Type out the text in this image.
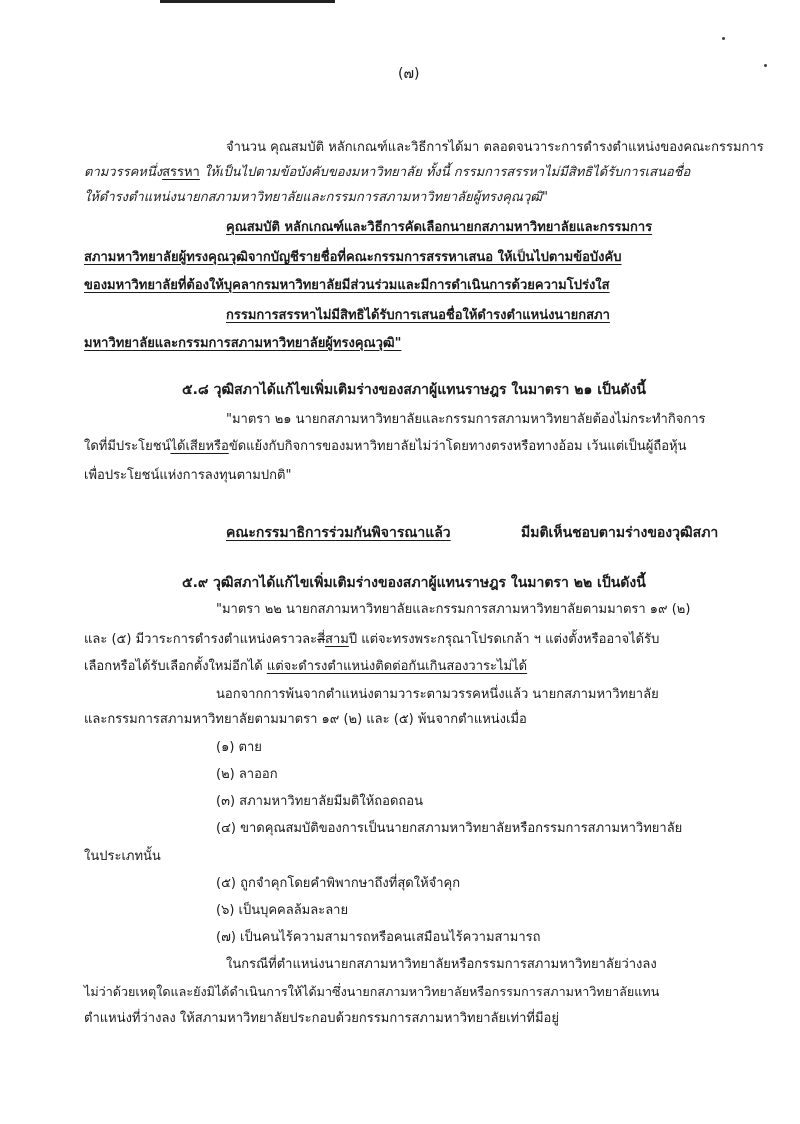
(๗)
จำนวน คุณสมบัติ หลักเกณฑ์และวิธีการได้มา ตลอดจนวาระการดำรงตำแหน่งของคณะกรรมการ
ตามวรรคหนึ่งสรรหา ให้เป็นไปตามข้อบังคับของมหาวิทยาลัย ทั้งนี้ กรรมการสรรหาไม่มีสิทธิได้รับการเสนอชื่อ
ให้ดำรงตำแหน่งนายกสภามหาวิทยาลัยและกรรมการสภามหาวิทยาลัยผู้ทรงคุณวุฒิ"
คุณสมบัติ หลักเกณฑ์และวิธีการคัดเลือกนายกสภามหาวิทยาลัยและกรรมการ
สภามหาวิทยาลัยผู้ทรงคุณวุฒิจากบัญชีรายชื่อที่คณะกรรมการสรรหาเสนอ ให้เป็นไปตามข้อบังคับ
ของมหาวิทยาลัยที่ต้องให้บุคลากรมหาวิทยาลัยมีส่วนร่วมและมีการดำเนินการด้วยความโปร่งใส
กรรมการสรรหาไม่มีสิทธิได้รับการเสนอชื่อให้ดำรงตำแหน่งนายกสภา
มหาวิทยาลัยและกรรมการสภามหาวิทยาลัยผู้ทรงคุณวุฒิ"
๕.๘ วุฒิสภาได้แก้ไขเพิ่มเติมร่างของสภาผู้แทนราษฎร ในมาตรา ๒๑ เป็นดังนี้
"มาตรา ๒๑ นายกสภามหาวิทยาลัยและกรรมการสภามหาวิทยาลัยต้องไม่กระทำกิจการ
ใดที่มีประโยชน์ได้เสียหรือขัดแย้งกับกิจการของมหาวิทยาลัยไม่ว่าโดยทางตรงหรือทางอ้อม เว้นแต่เป็นผู้ถือหุ้น
เพื่อประโยชน์แห่งการลงทุนตามปกติ"
คณะกรรมาธิการร่วมกันพิจารณาแล้ว	มีมติเห็นชอบตามร่างของวุฒิสภา
๕.๙ วุฒิสภาได้แก้ไขเพิ่มเติมร่างของสภาผู้แทนราษฎร ในมาตรา ๒๒ เป็นดังนี้
"มาตรา ๒๒ นายกสภามหาวิทยาลัยและกรรมการสภามหาวิทยาลัยตามมาตรา ๑๙ (๒)
และ (๕) มีวาระการดำรงตำแหน่งคราวละสี่สามปี แต่จะทรงพระกรุณาโปรดเกล้า ฯ แต่งตั้งหรืออาจได้รับ
เลือกหรือได้รับเลือกตั้งใหม่อีกได้ แต่จะดำรงตำแหน่งติดต่อกันเกินสองวาระไม่ได้
นอกจากการพ้นจากตำแหน่งตามวาระตามวรรคหนึ่งแล้ว นายกสภามหาวิทยาลัย
และกรรมการสภามหาวิทยาลัยตามมาตรา ๑๙ (๒) และ (๕) พ้นจากตำแหน่งเมื่อ
(๑) ตาย
(๒) ลาออก
(๓) สภามหาวิทยาลัยมีมติให้ถอดถอน
(๔) ขาดคุณสมบัติของการเป็นนายกสภามหาวิทยาลัยหรือกรรมการสภามหาวิทยาลัย
ในประเภทนั้น
(๕) ถูกจำคุกโดยคำพิพากษาถึงที่สุดให้จำคุก
(๖) เป็นบุคคลล้มละลาย
(๗) เป็นคนไร้ความสามารถหรือคนเสมือนไร้ความสามารถ
ในกรณีที่ตำแหน่งนายกสภามหาวิทยาลัยหรือกรรมการสภามหาวิทยาลัยว่างลง
ไม่ว่าด้วยเหตุใดและยังมิได้ดำเนินการให้ได้มาซึ่งนายกสภามหาวิทยาลัยหรือกรรมการสภามหาวิทยาลัยแทน
ตำแหน่งที่ว่างลง ให้สภามหาวิทยาลัยประกอบด้วยกรรมการสภามหาวิทยาลัยเท่าที่มีอยู่
